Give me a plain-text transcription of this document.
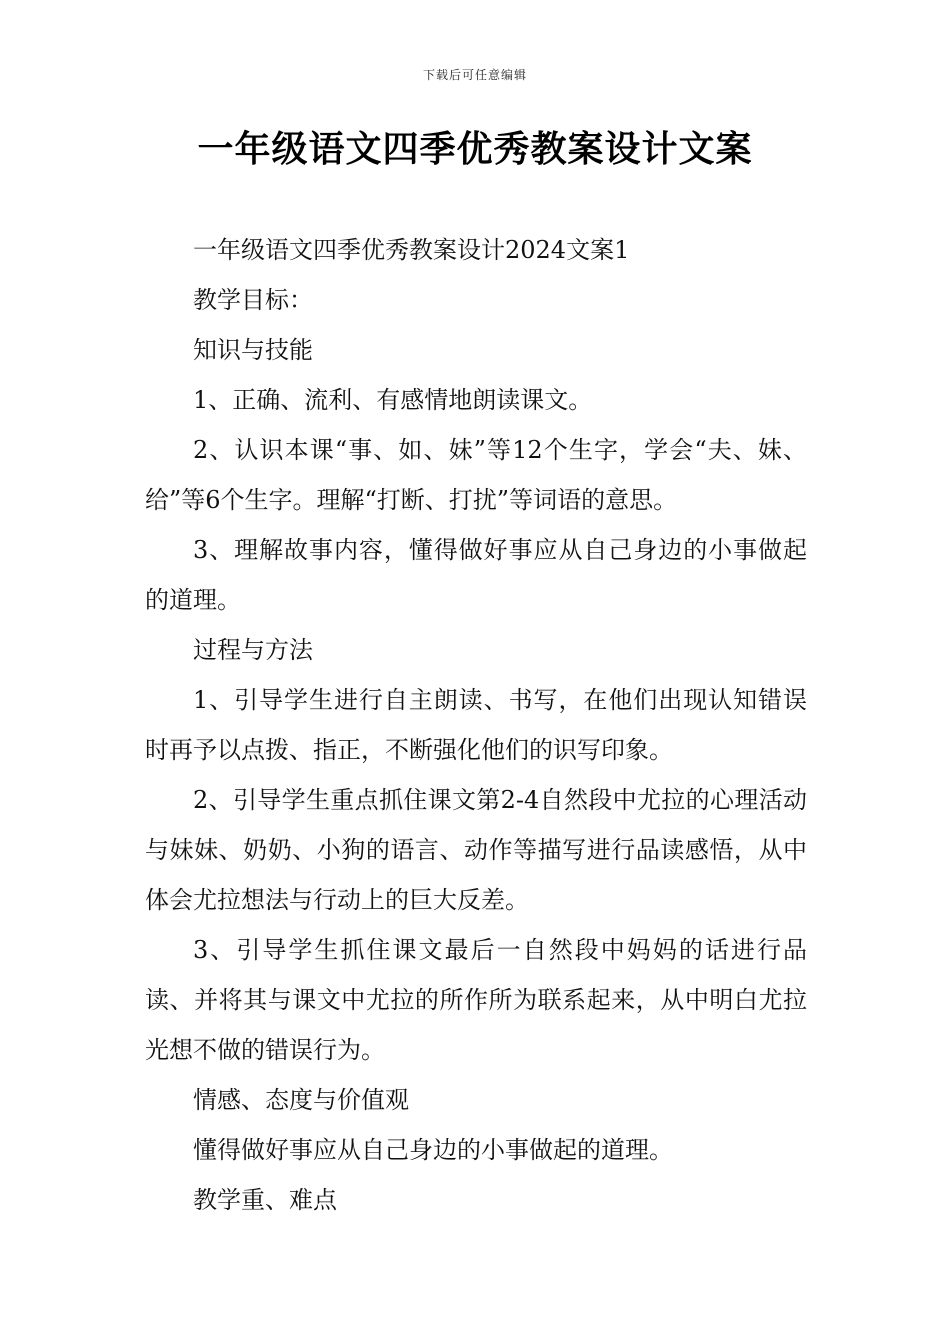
下载后可任意编辑
一年级语文四季优秀教案设计文案

一年级语文四季优秀教案设计2024文案1

教学目标：

知识与技能

1、正确、流利、有感情地朗读课文。

2、认识本课“事、如、妹”等12个生字，学会“夫、妹、给”等6个生字。理解“打断、打扰”等词语的意思。

3、理解故事内容，懂得做好事应从自己身边的小事做起的道理。

过程与方法

1、引导学生进行自主朗读、书写，在他们出现认知错误时再予以点拨、指正，不断强化他们的识写印象。

2、引导学生重点抓住课文第2-4自然段中尤拉的心理活动与妹妹、奶奶、小狗的语言、动作等描写进行品读感悟，从中体会尤拉想法与行动上的巨大反差。

3、引导学生抓住课文最后一自然段中妈妈的话进行品读、并将其与课文中尤拉的所作所为联系起来，从中明白尤拉光想不做的错误行为。

情感、态度与价值观

懂得做好事应从自己身边的小事做起的道理。

教学重、难点
